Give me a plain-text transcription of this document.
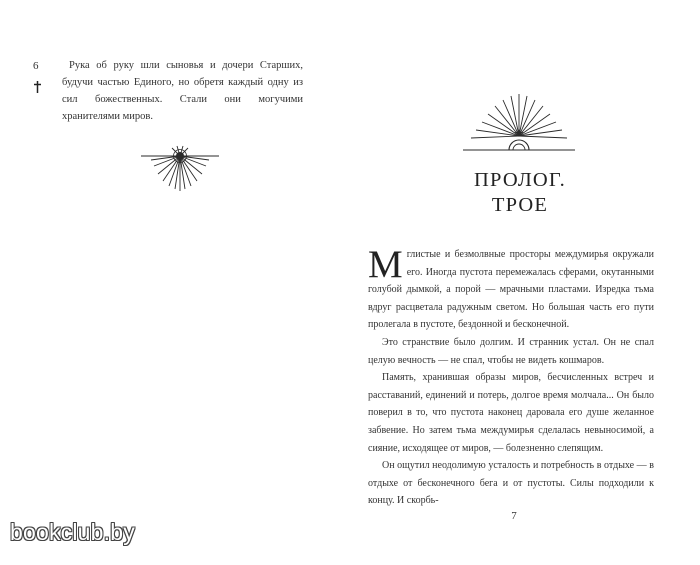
6	Рука об руку шли сыновья и дочери Старших, будучи частью Единого, но обретя каждый одну из сил божественных. Стали они могучими хранителями миров.
ПРОЛОГ.
ТРОЕ

Мглистые и безмолвные просторы междумирья окружали его. Иногда пустота перемежалась сферами, окутанными голубой дымкой, а порой — мрачными пластами. Изредка тьма вдруг расцветала радужным светом. Но большая часть его пути пролегала в пустоте, бездонной и бесконечной.

Это странствие было долгим. И странник устал. Он не спал целую вечность — не спал, чтобы не видеть кошмаров.

Память, хранившая образы миров, бесчисленных встреч и расставаний, единений и потерь, долгое время молчала... Он было поверил в то, что пустота наконец даровала его душе желанное забвение. Но затем тьма междумирья сделалась невыносимой, а сияние, исходящее от миров, — болезненно слепящим.

Он ощутил неодолимую усталость и потребность в отдыхе — в отдыхе от бесконечного бега и от пустоты. Силы подходили к концу. И скорбь-

7
bookclub.by
